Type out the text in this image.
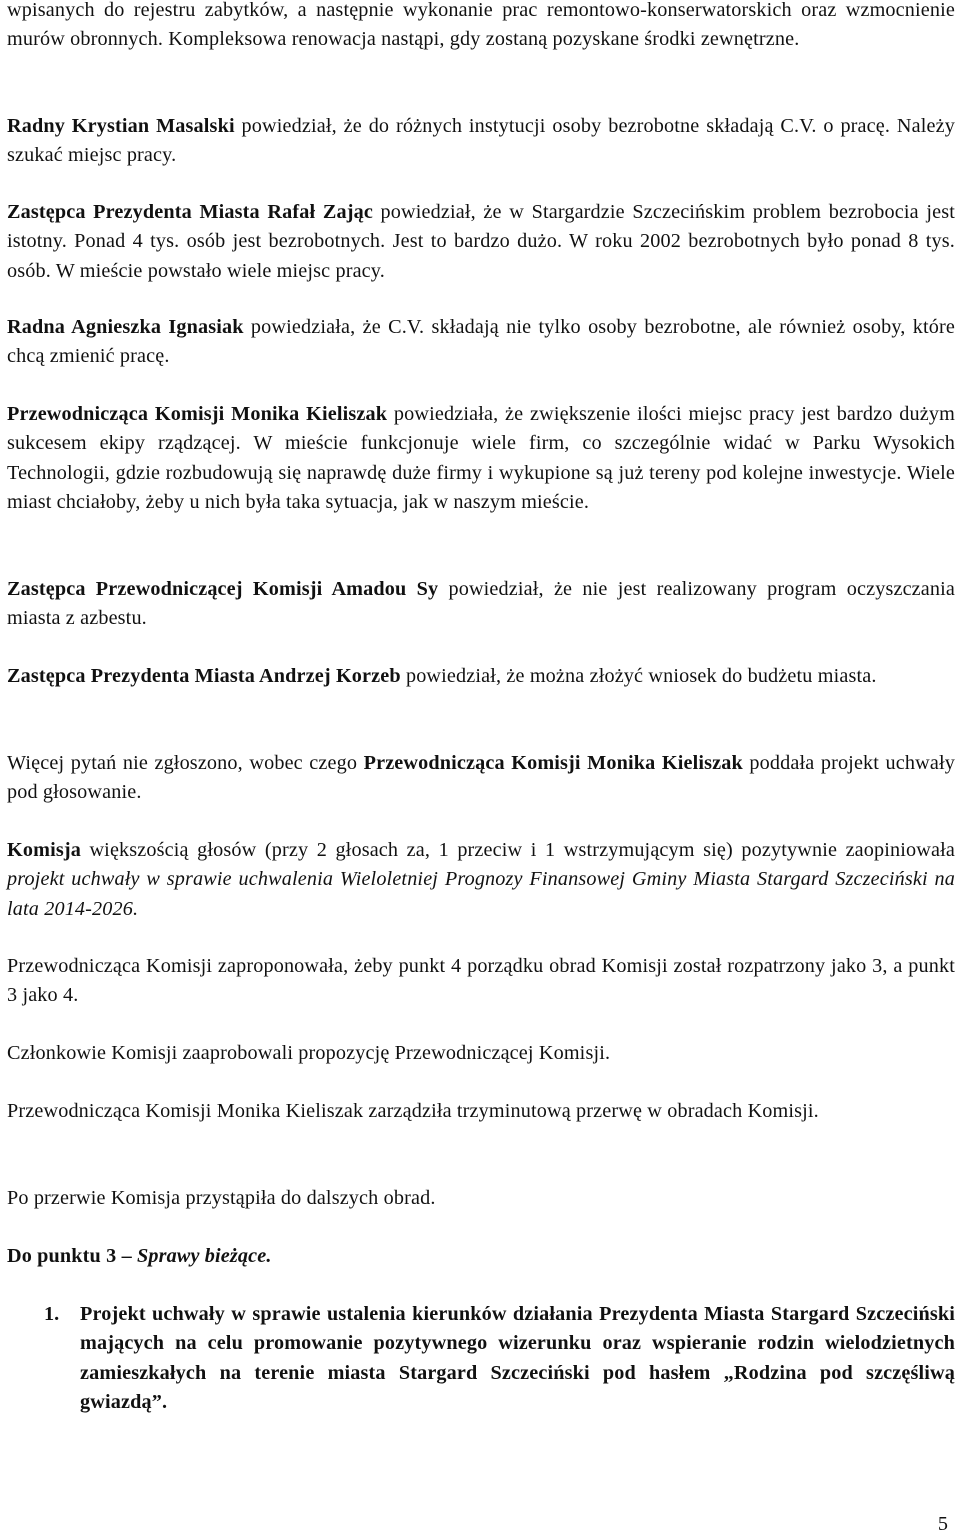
wpisanych do rejestru zabytków, a następnie wykonanie prac remontowo-konserwatorskich oraz wzmocnienie murów obronnych. Kompleksowa renowacja nastąpi, gdy zostaną pozyskane środki zewnętrzne.

Radny Krystian Masalski powiedział, że do różnych instytucji osoby bezrobotne składają C.V. o pracę. Należy szukać miejsc pracy.

Zastępca Prezydenta Miasta Rafał Zając powiedział, że w Stargardzie Szczecińskim problem bezrobocia jest istotny. Ponad 4 tys. osób jest bezrobotnych. Jest to bardzo dużo. W roku 2002 bezrobotnych było ponad 8 tys. osób. W mieście powstało wiele miejsc pracy.

Radna Agnieszka Ignasiak powiedziała, że C.V. składają nie tylko osoby bezrobotne, ale również osoby, które chcą zmienić pracę.

Przewodnicząca Komisji Monika Kieliszak powiedziała, że zwiększenie ilości miejsc pracy jest bardzo dużym sukcesem ekipy rządzącej. W mieście funkcjonuje wiele firm, co szczególnie widać w Parku Wysokich Technologii, gdzie rozbudowują się naprawdę duże firmy i wykupione są już tereny pod kolejne inwestycje. Wiele miast chciałoby, żeby u nich była taka sytuacja, jak w naszym mieście.

Zastępca Przewodniczącej Komisji Amadou Sy powiedział, że nie jest realizowany program oczyszczania miasta z azbestu.

Zastępca Prezydenta Miasta Andrzej Korzeb powiedział, że można złożyć wniosek do budżetu miasta.

Więcej pytań nie zgłoszono, wobec czego Przewodnicząca Komisji Monika Kieliszak poddała projekt uchwały pod głosowanie.

Komisja większością głosów (przy 2 głosach za, 1 przeciw i 1 wstrzymującym się) pozytywnie zaopiniowała projekt uchwały w sprawie uchwalenia Wieloletniej Prognozy Finansowej Gminy Miasta Stargard Szczeciński na lata 2014-2026.

Przewodnicząca Komisji zaproponowała, żeby punkt 4 porządku obrad Komisji został rozpatrzony jako 3, a punkt 3 jako 4.

Członkowie Komisji zaaprobowali propozycję Przewodniczącej Komisji.

Przewodnicząca Komisji Monika Kieliszak zarządziła trzyminutową przerwę w obradach Komisji.

Po przerwie Komisja przystąpiła do dalszych obrad.

Do punktu 3 – Sprawy bieżące.

1. Projekt uchwały w sprawie ustalenia kierunków działania Prezydenta Miasta Stargard Szczeciński mających na celu promowanie pozytywnego wizerunku oraz wspieranie rodzin wielodzietnych zamieszkałych na terenie miasta Stargard Szczeciński pod hasłem „Rodzina pod szczęśliwą gwiazdą”.

5
